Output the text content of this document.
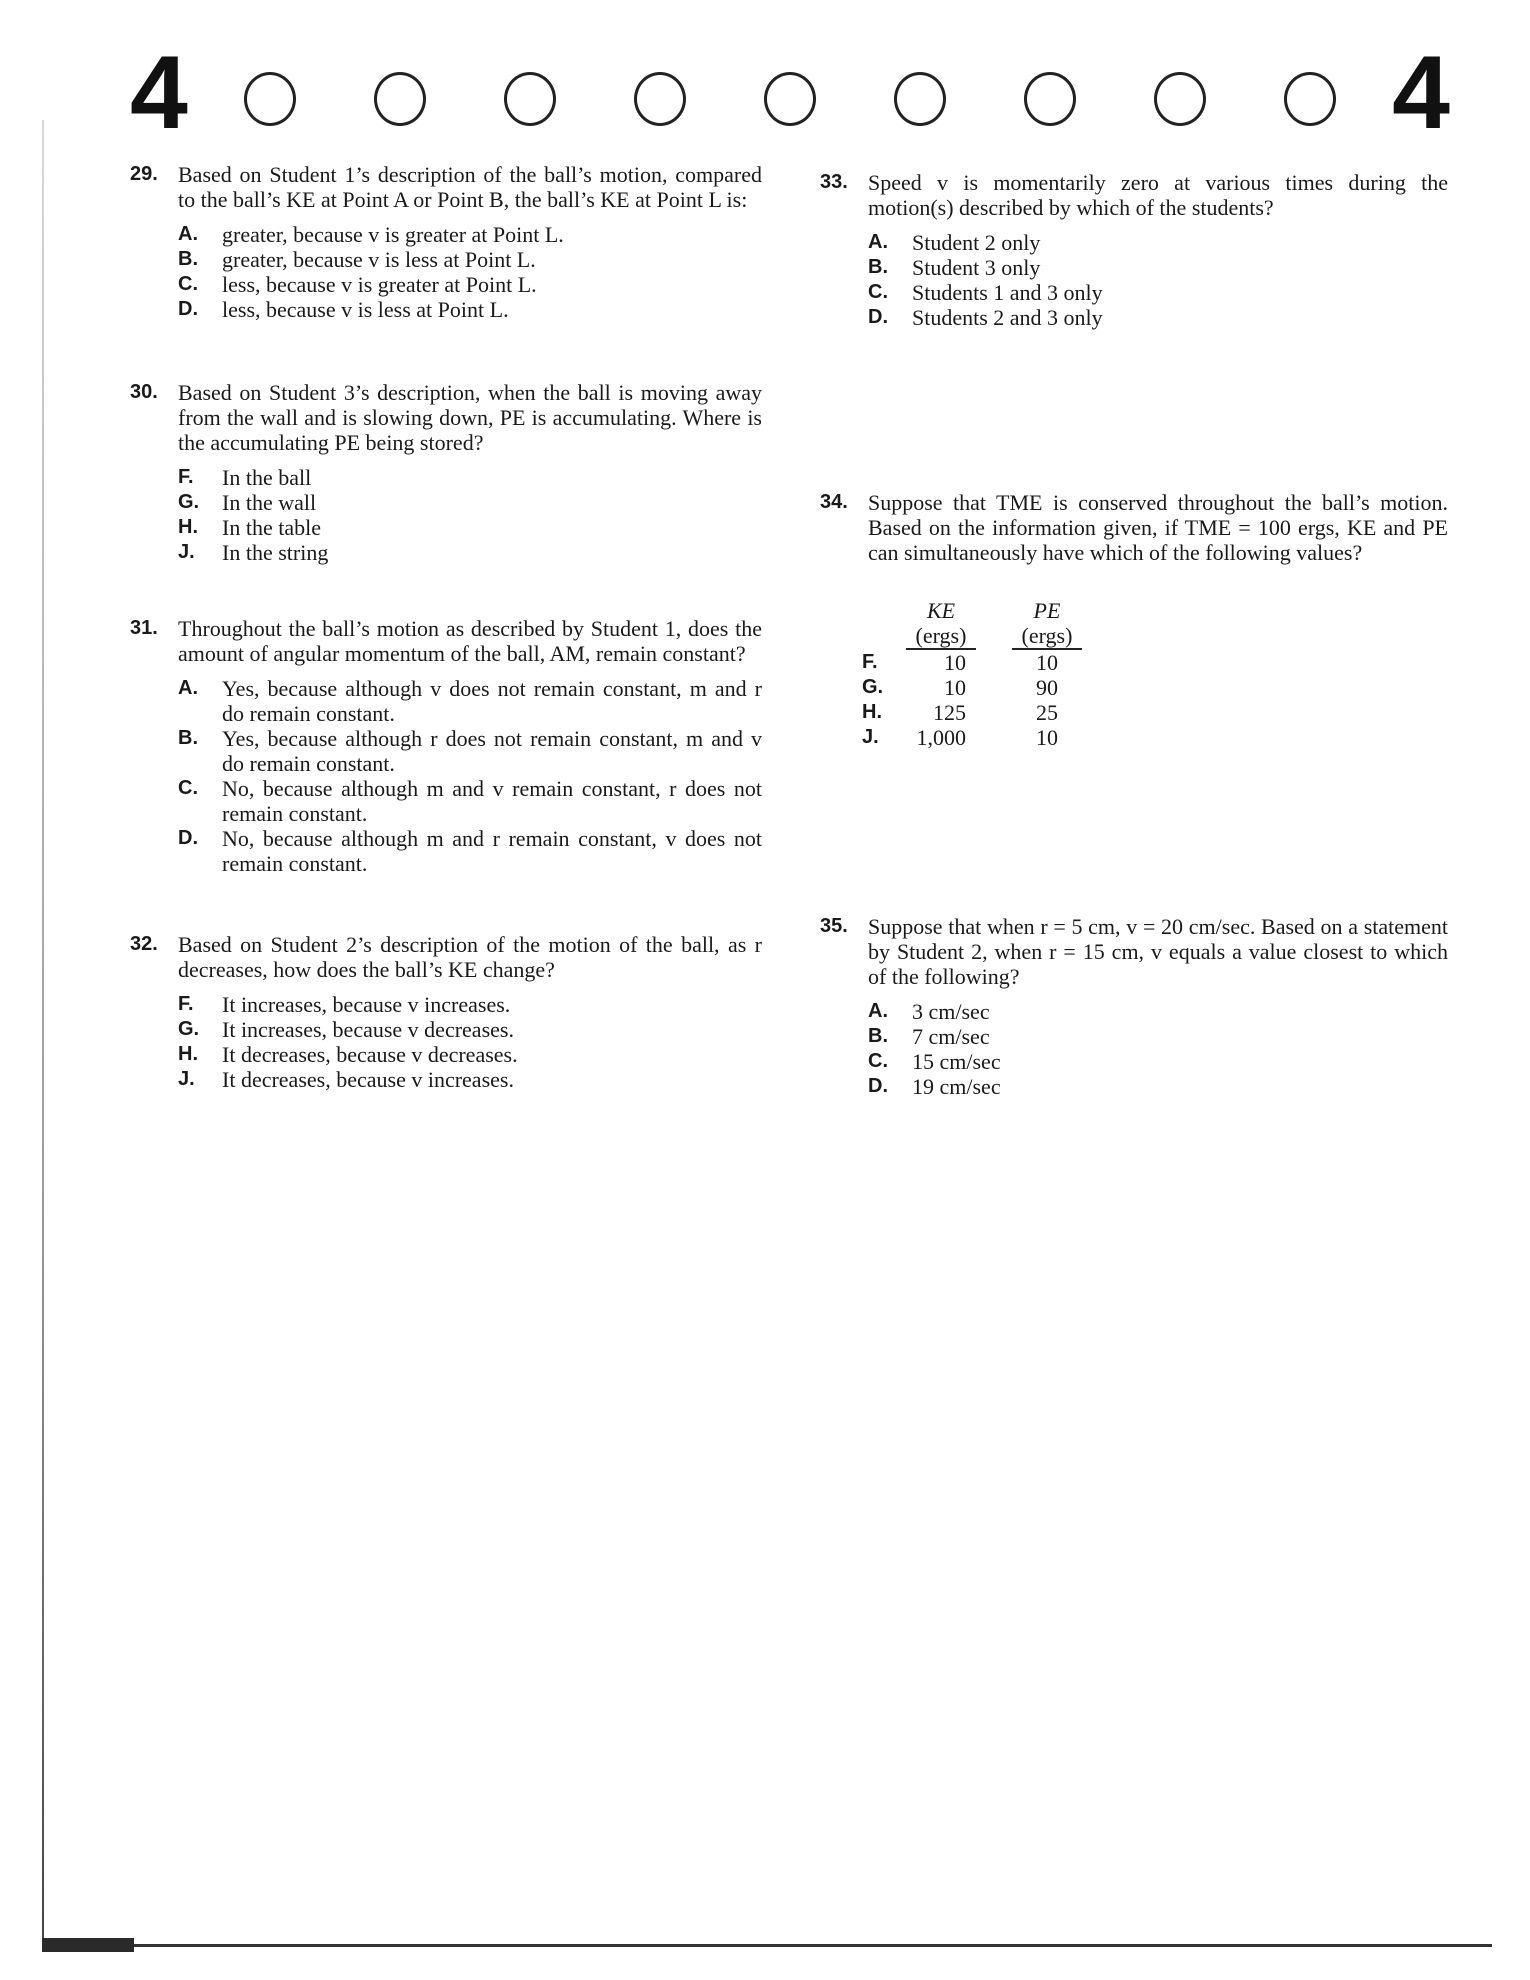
4	4
29. Based on Student 1’s description of the ball’s motion, compared to the ball’s KE at Point A or Point B, the ball’s KE at Point L is:
A. greater, because v is greater at Point L.
B. greater, because v is less at Point L.
C. less, because v is greater at Point L.
D. less, because v is less at Point L.
30. Based on Student 3’s description, when the ball is moving away from the wall and is slowing down, PE is accumulating. Where is the accumulating PE being stored?
F. In the ball
G. In the wall
H. In the table
J. In the string
31. Throughout the ball’s motion as described by Student 1, does the amount of angular momentum of the ball, AM, remain constant?
A. Yes, because although v does not remain constant, m and r do remain constant.
B. Yes, because although r does not remain constant, m and v do remain constant.
C. No, because although m and v remain constant, r does not remain constant.
D. No, because although m and r remain constant, v does not remain constant.
32. Based on Student 2’s description of the motion of the ball, as r decreases, how does the ball’s KE change?
F. It increases, because v increases.
G. It increases, because v decreases.
H. It decreases, because v decreases.
J. It decreases, because v increases.
33. Speed v is momentarily zero at various times during the motion(s) described by which of the students?
A. Student 2 only
B. Student 3 only
C. Students 1 and 3 only
D. Students 2 and 3 only
34. Suppose that TME is conserved throughout the ball’s motion. Based on the information given, if TME = 100 ergs, KE and PE can simultaneously have which of the following values?
KE
(ergs)
PE
(ergs)
F.	10	10
G.	10	90
H.	125	25
J.	1,000	10
35. Suppose that when r = 5 cm, v = 20 cm/sec. Based on a statement by Student 2, when r = 15 cm, v equals a value closest to which of the following?
A. 3 cm/sec
B. 7 cm/sec
C. 15 cm/sec
D. 19 cm/sec
